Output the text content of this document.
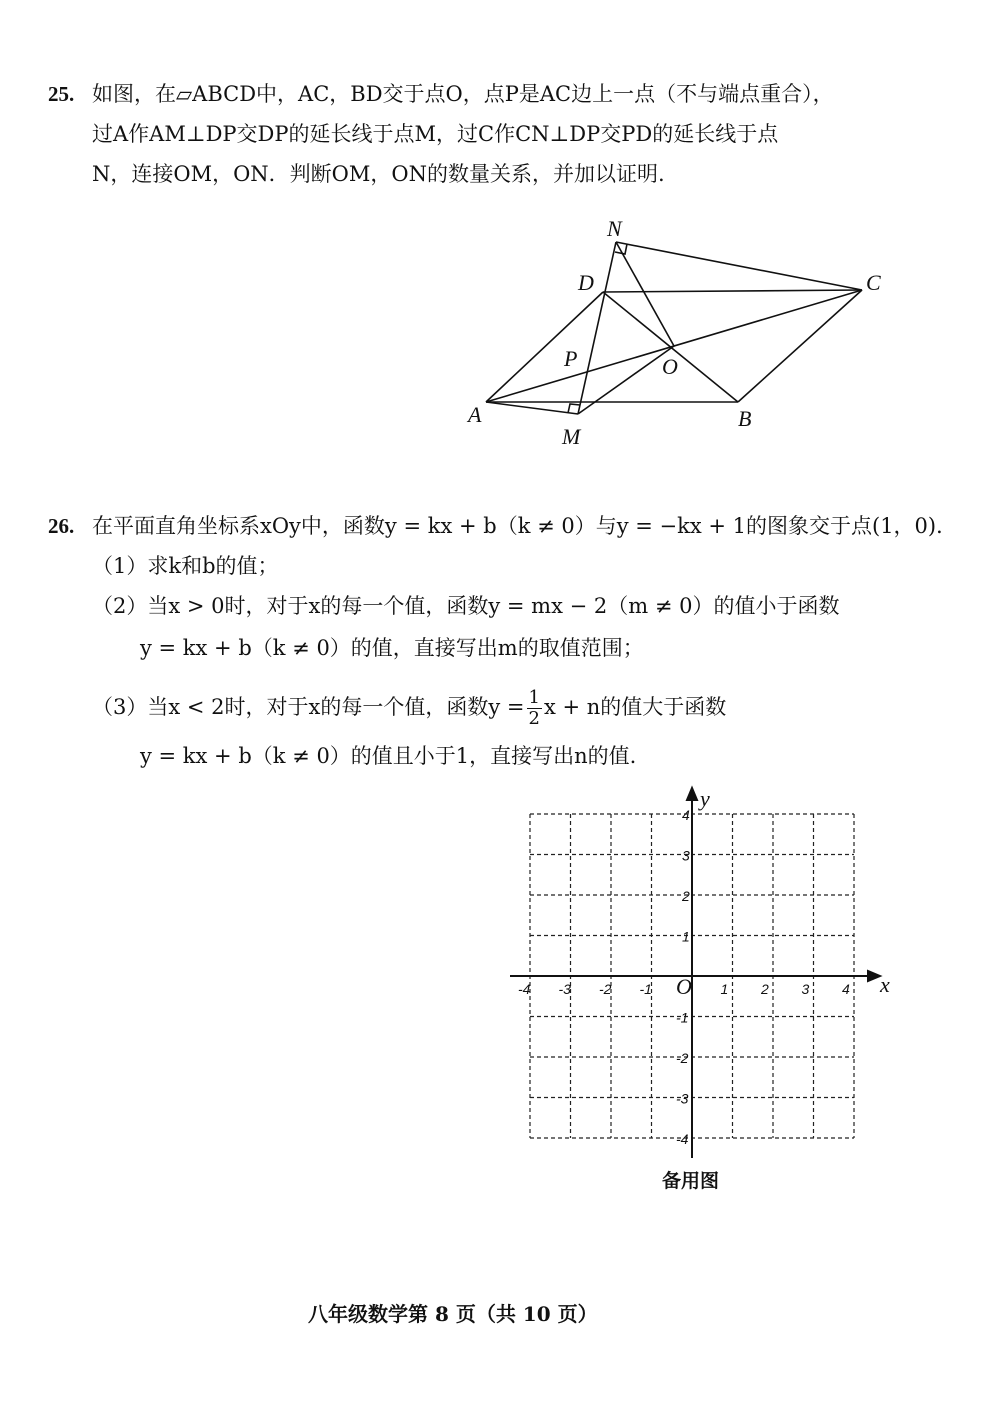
25. 如图，在▱ABCD中，AC，BD交于点O，点P是AC边上一点（不与端点重合），
过A作AM⊥DP交DP的延长线于点M，过C作CN⊥DP交PD的延长线于点
N，连接OM，ON．判断OM，ON的数量关系，并加以证明.
N
D	C
P	O
A	B
M
26. 在平面直角坐标系xOy中，函数y = kx + b（k ≠ 0）与y = −kx + 1的图象交于点(1，0)．
（1）求k和b的值；
（2）当x > 0时，对于x的每一个值，函数y = mx − 2（m ≠ 0）的值小于函数
y = kx + b（k ≠ 0）的值，直接写出m的取值范围；
（3）当x < 2时，对于x的每一个值，函数$y = \frac{1}{2}$ x + n的值大于函数
y = kx + b（k ≠ 0）的值且小于1，直接写出n的值.
x
y
O
-4 -3 -2 -1	1 2 3 4
4
3
2
1
-1
-2
-3
-4
备用图
八年级数学第 8 页（共 10 页）
